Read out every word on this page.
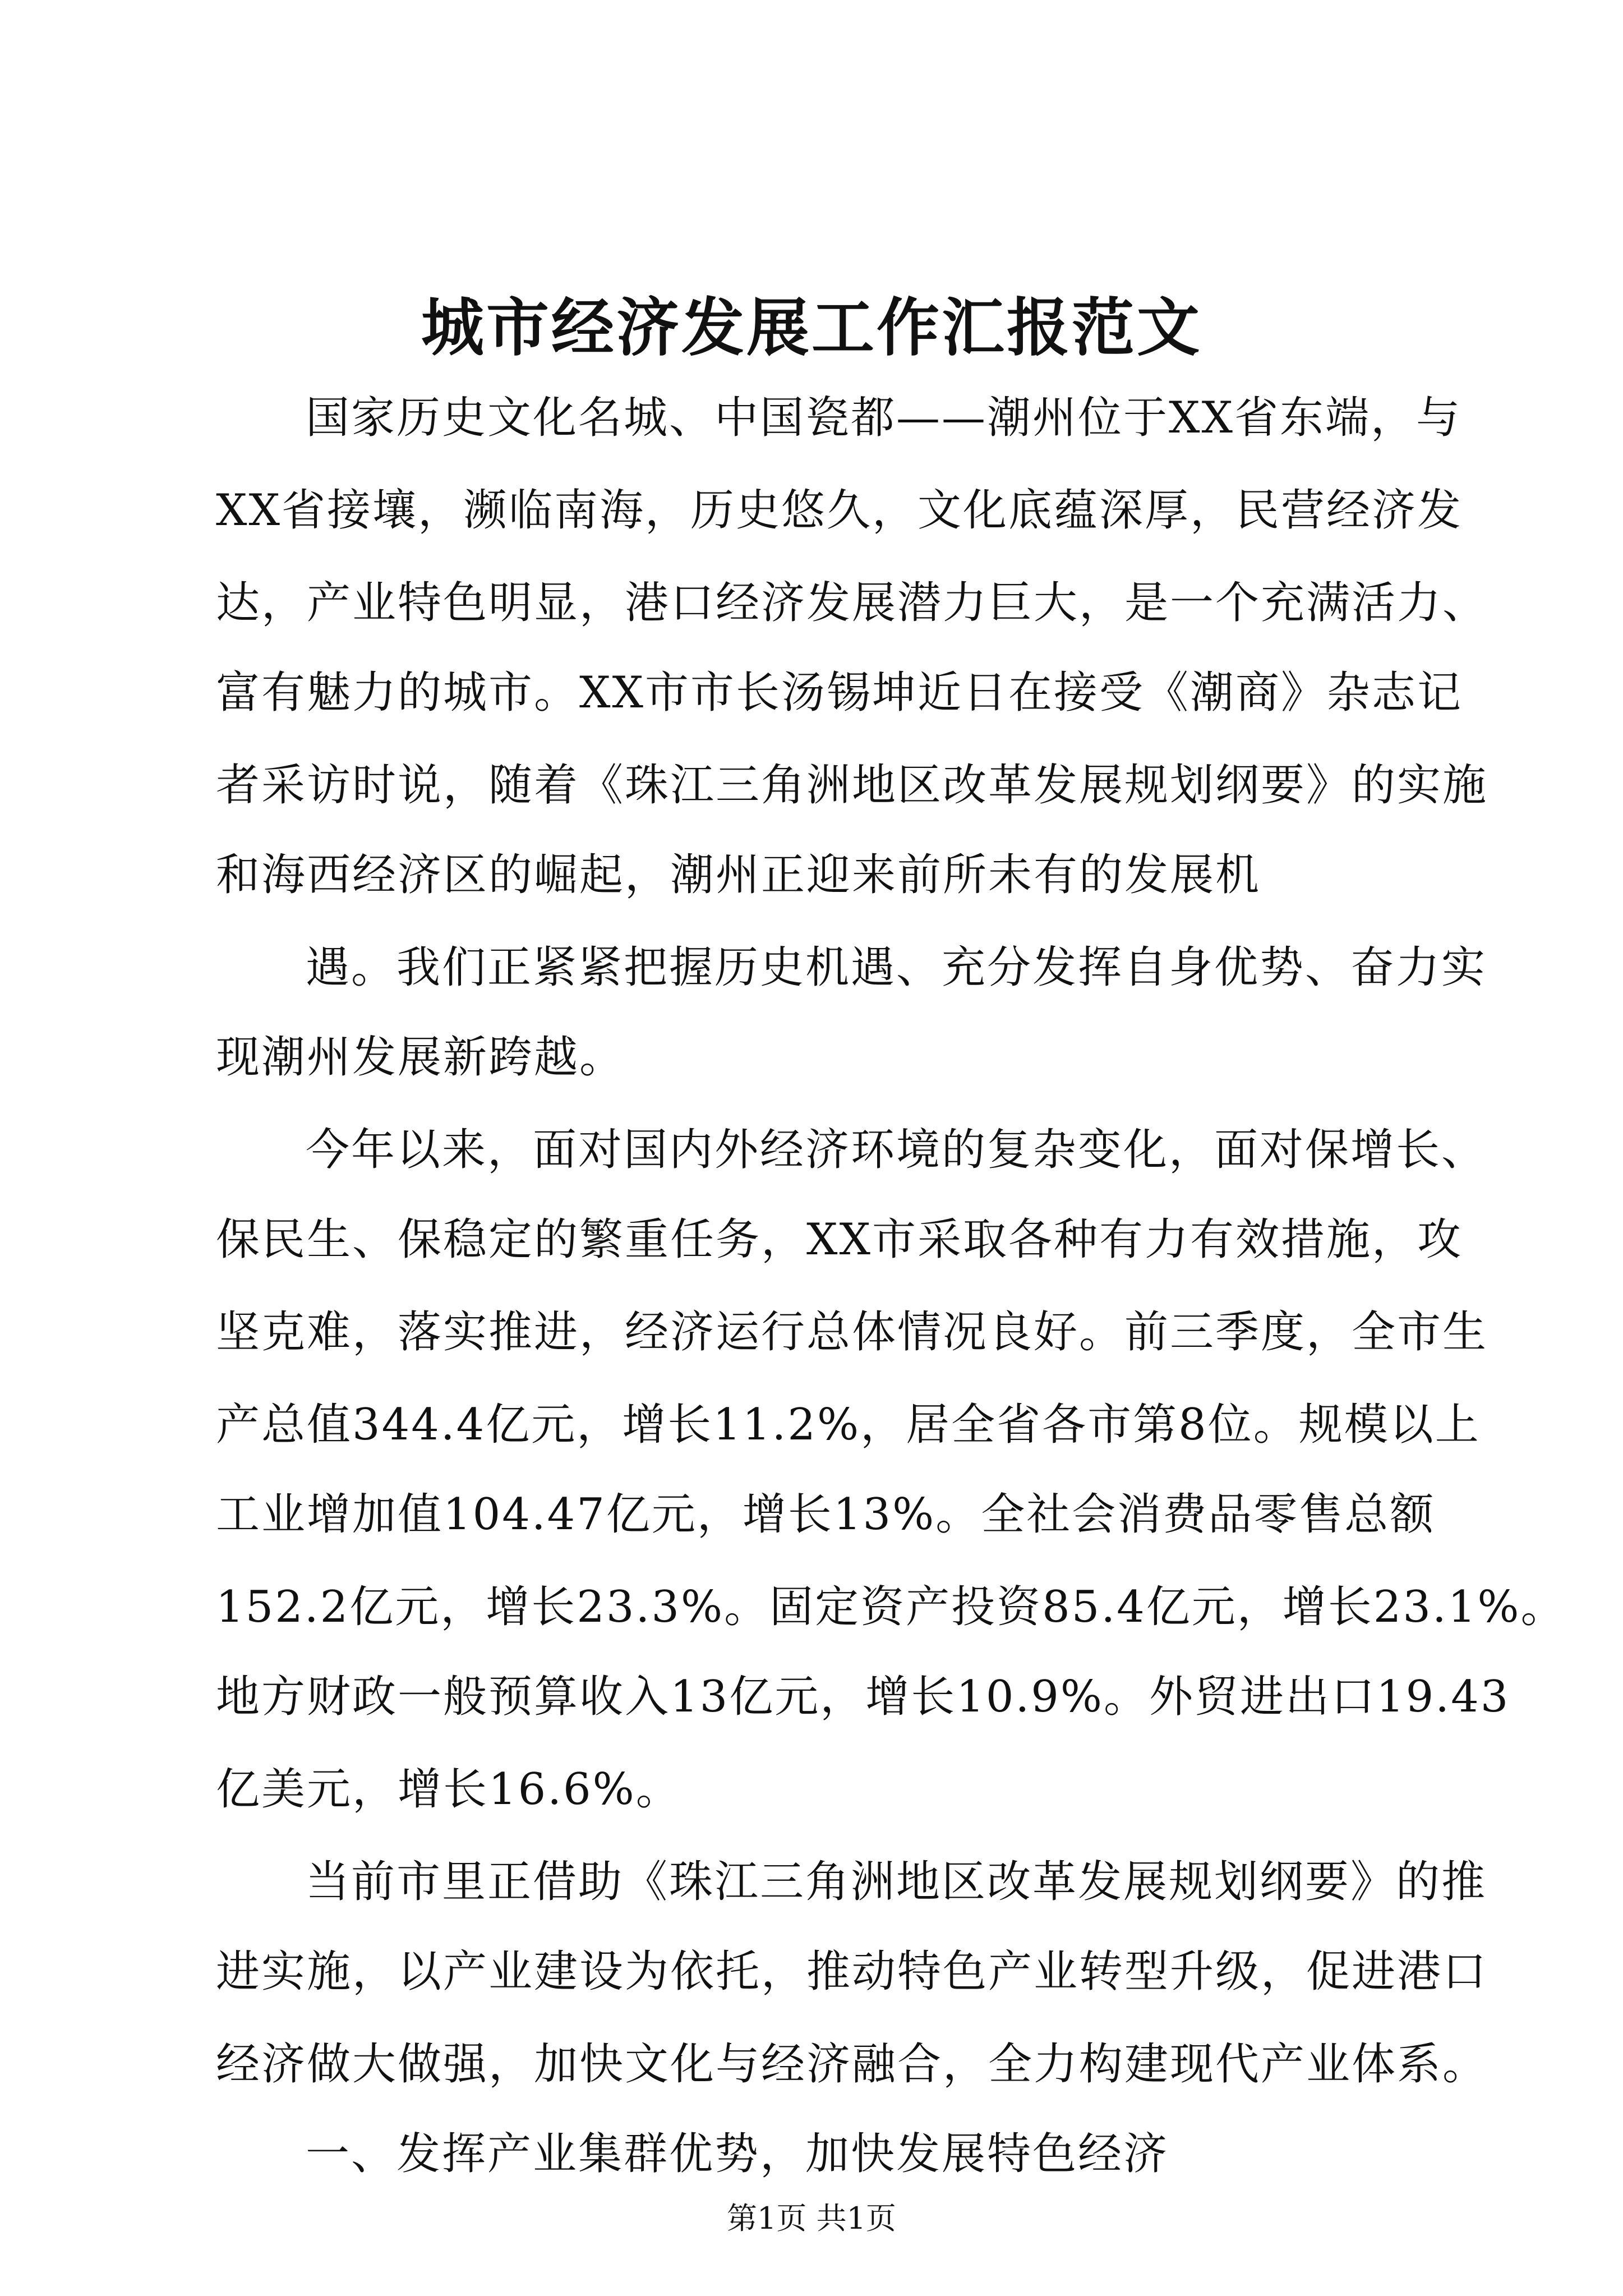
城市经济发展工作汇报范文
国家历史文化名城、中国瓷都——潮州位于XX省东端，与
XX省接壤，濒临南海，历史悠久，文化底蕴深厚，民营经济发
达，产业特色明显，港口经济发展潜力巨大，是一个充满活力、
富有魅力的城市。XX市市长汤锡坤近日在接受《潮商》杂志记
者采访时说，随着《珠江三角洲地区改革发展规划纲要》的实施
和海西经济区的崛起，潮州正迎来前所未有的发展机
遇。我们正紧紧把握历史机遇、充分发挥自身优势、奋力实
现潮州发展新跨越。
今年以来，面对国内外经济环境的复杂变化，面对保增长、
保民生、保稳定的繁重任务，XX市采取各种有力有效措施，攻
坚克难，落实推进，经济运行总体情况良好。前三季度，全市生
产总值344.4亿元，增长11.2%，居全省各市第8位。规模以上
工业增加值104.47亿元，增长13%。全社会消费品零售总额
152.2亿元，增长23.3%。固定资产投资85.4亿元，增长23.1%。
地方财政一般预算收入13亿元，增长10.9%。外贸进出口19.43
亿美元，增长16.6%。
当前市里正借助《珠江三角洲地区改革发展规划纲要》的推
进实施，以产业建设为依托，推动特色产业转型升级，促进港口
经济做大做强，加快文化与经济融合，全力构建现代产业体系。
一、发挥产业集群优势，加快发展特色经济
第1页 共1页
